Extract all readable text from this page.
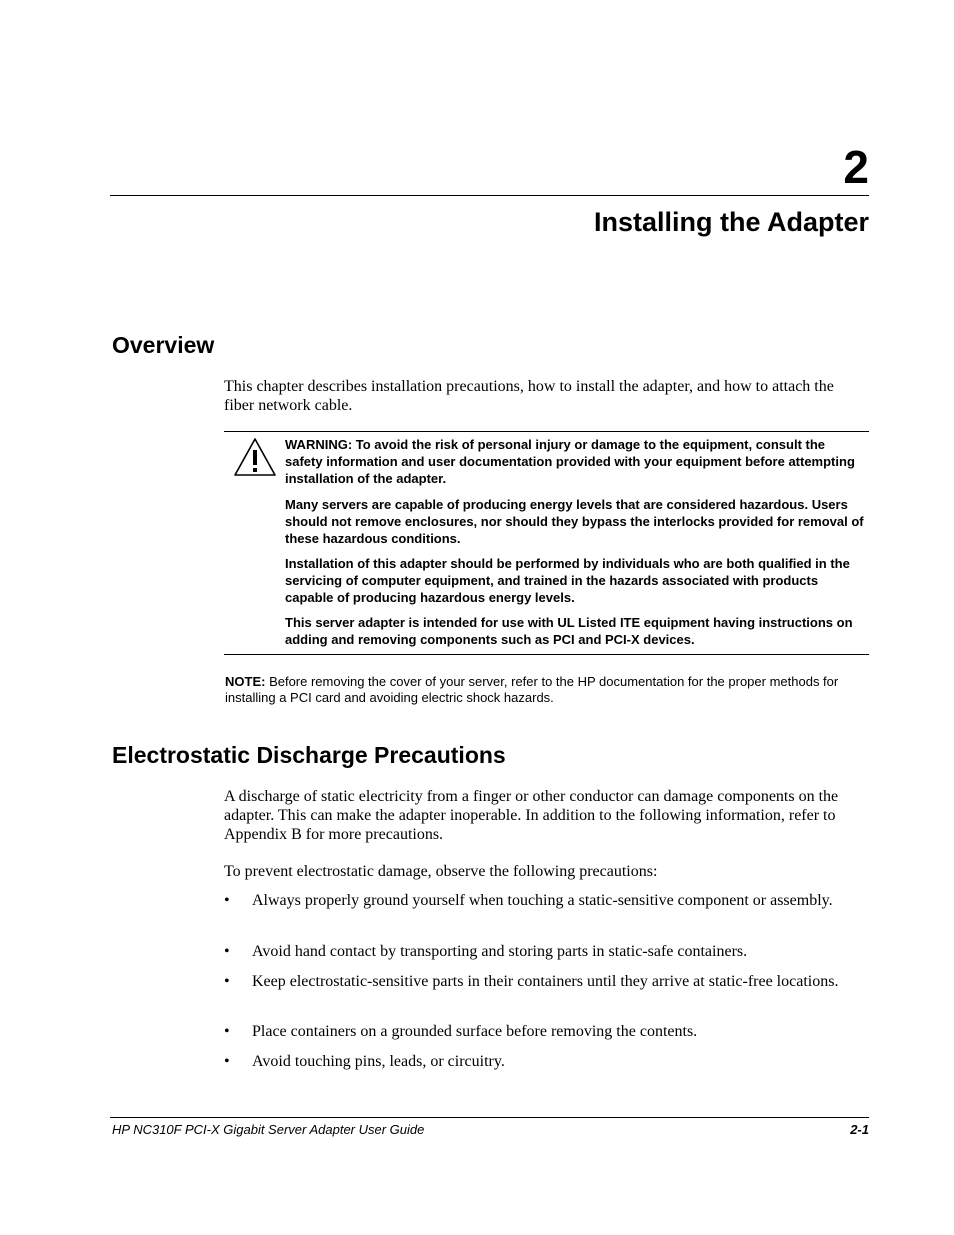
2

Installing the Adapter
Overview

This chapter describes installation precautions, how to install the adapter, and how to attach the fiber network cable.

WARNING: To avoid the risk of personal injury or damage to the equipment, consult the safety information and user documentation provided with your equipment before attempting installation of the adapter.

Many servers are capable of producing energy levels that are considered hazardous. Users should not remove enclosures, nor should they bypass the interlocks provided for removal of these hazardous conditions.

Installation of this adapter should be performed by individuals who are both qualified in the servicing of computer equipment, and trained in the hazards associated with products capable of producing hazardous energy levels.

This server adapter is intended for use with UL Listed ITE equipment having instructions on adding and removing components such as PCI and PCI-X devices.

NOTE: Before removing the cover of your server, refer to the HP documentation for the proper methods for installing a PCI card and avoiding electric shock hazards.

Electrostatic Discharge Precautions

A discharge of static electricity from a finger or other conductor can damage components on the adapter. This can make the adapter inoperable. In addition to the following information, refer to Appendix B for more precautions.

To prevent electrostatic damage, observe the following precautions:

•	Always properly ground yourself when touching a static-sensitive component or assembly.
•	Avoid hand contact by transporting and storing parts in static-safe containers.
•	Keep electrostatic-sensitive parts in their containers until they arrive at static-free locations.
•	Place containers on a grounded surface before removing the contents.
•	Avoid touching pins, leads, or circuitry.

HP NC310F PCI-X Gigabit Server Adapter User Guide	2-1
